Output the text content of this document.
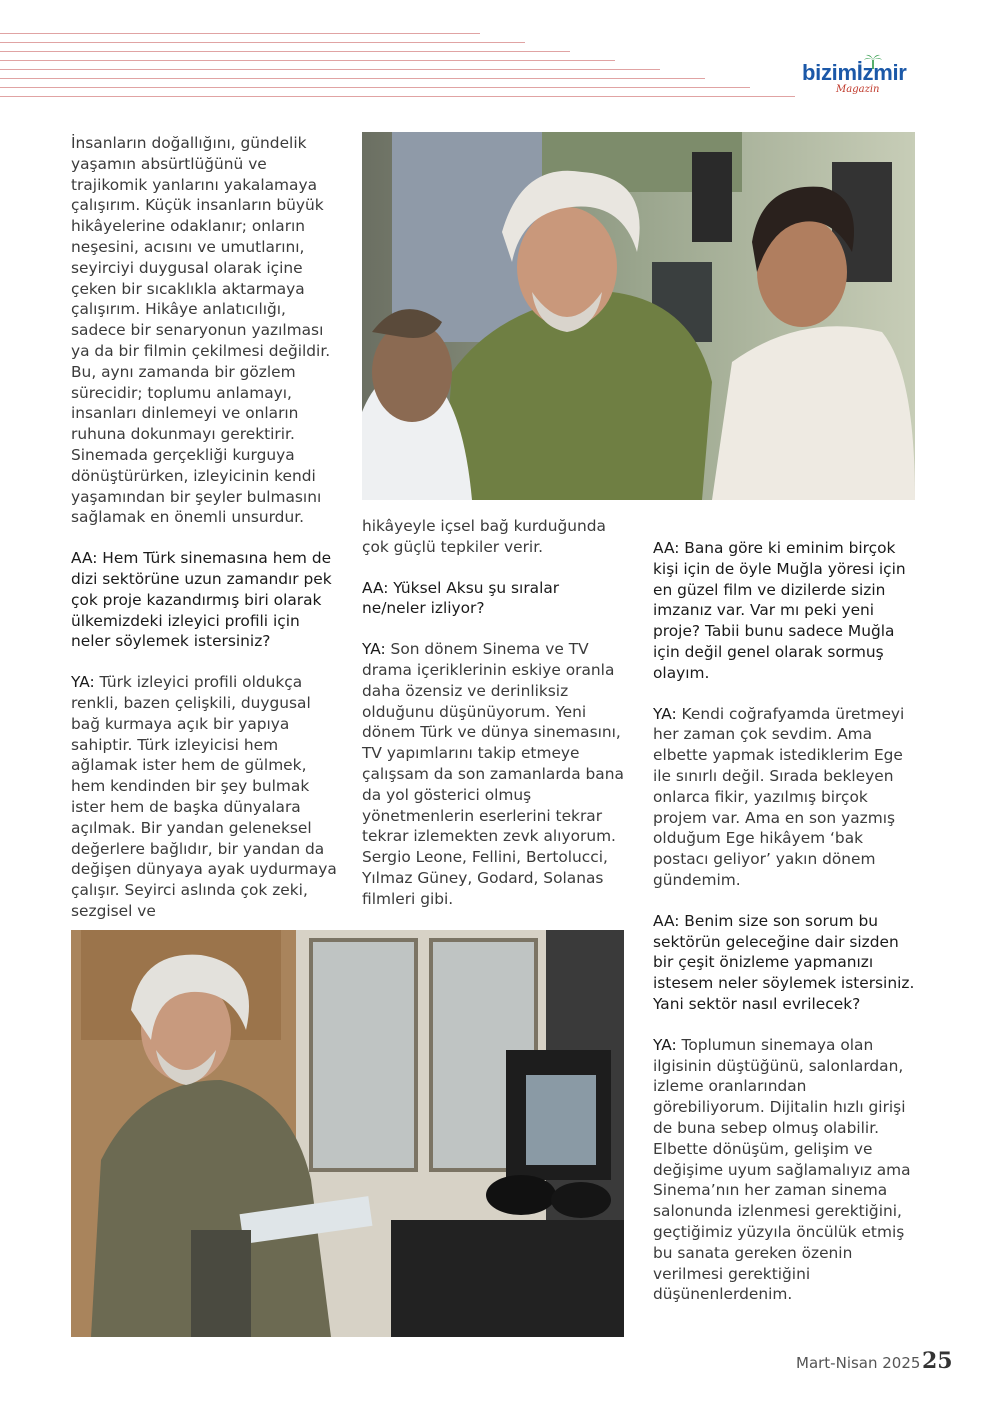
bizimİzmir
Magazin

İnsanların doğallığını, gündelik yaşamın absürtlüğünü ve trajikomik yanlarını yakalamaya çalışırım. Küçük insanların büyük hikâyelerine odaklanır; onların neşesini, acısını ve umutlarını, seyirciyi duygusal olarak içine çeken bir sıcaklıkla aktarmaya çalışırım. Hikâye anlatıcılığı, sadece bir senaryonun yazılması ya da bir filmin çekilmesi değildir. Bu, aynı zamanda bir gözlem sürecidir; toplumu anlamayı, insanları dinlemeyi ve onların ruhuna dokunmayı gerektirir. Sinemada gerçekliği kurguya dönüştürürken, izleyicinin kendi yaşamından bir şeyler bulmasını sağlamak en önemli unsurdur.

AA: Hem Türk sinemasına hem de dizi sektörüne uzun zamandır pek çok proje kazandırmış biri olarak ülkemizdeki izleyici profili için neler söylemek istersiniz?

YA: Türk izleyici profili oldukça renkli, bazen çelişkili, duygusal bağ kurmaya açık bir yapıya sahiptir. Türk izleyicisi hem ağlamak ister hem de gülmek, hem kendinden bir şey bulmak ister hem de başka dünyalara açılmak. Bir yandan geleneksel değerlere bağlıdır, bir yandan da değişen dünyaya ayak uydurmaya çalışır. Seyirci aslında çok zeki, sezgisel ve

hikâyeyle içsel bağ kurduğunda çok güçlü tepkiler verir.

AA: Yüksel Aksu şu sıralar ne/neler izliyor?

YA: Son dönem Sinema ve TV drama içeriklerinin eskiye oranla daha özensiz ve derinliksiz olduğunu düşünüyorum. Yeni dönem Türk ve dünya sinemasını, TV yapımlarını takip etmeye çalışsam da son zamanlarda bana da yol gösterici olmuş yönetmenlerin eserlerini tekrar tekrar izlemekten zevk alıyorum. Sergio Leone, Fellini, Bertolucci, Yılmaz Güney, Godard, Solanas filmleri gibi.

AA: Bana göre ki eminim birçok kişi için de öyle Muğla yöresi için en güzel film ve dizilerde sizin imzanız var. Var mı peki yeni proje? Tabii bunu sadece Muğla için değil genel olarak sormuş olayım.

YA: Kendi coğrafyamda üretmeyi her zaman çok sevdim. Ama elbette yapmak istediklerim Ege ile sınırlı değil. Sırada bekleyen onlarca fikir, yazılmış birçok projem var. Ama en son yazmış olduğum Ege hikâyem ‘bak postacı geliyor’ yakın dönem gündemim.

AA: Benim size son sorum bu sektörün geleceğine dair sizden bir çeşit önizleme yapmanızı istesem neler söylemek istersiniz. Yani sektör nasıl evrilecek?

YA: Toplumun sinemaya olan ilgisinin düştüğünü, salonlardan, izleme oranlarından görebiliyorum. Dijitalin hızlı girişi de buna sebep olmuş olabilir. Elbette dönüşüm, gelişim ve değişime uyum sağlamalıyız ama Sinema’nın her zaman sinema salonunda izlenmesi gerektiğini, geçtiğimiz yüzyıla öncülük etmiş bu sanata gereken özenin verilmesi gerektiğini düşünenlerdenim.

Mart-Nisan 2025 25
